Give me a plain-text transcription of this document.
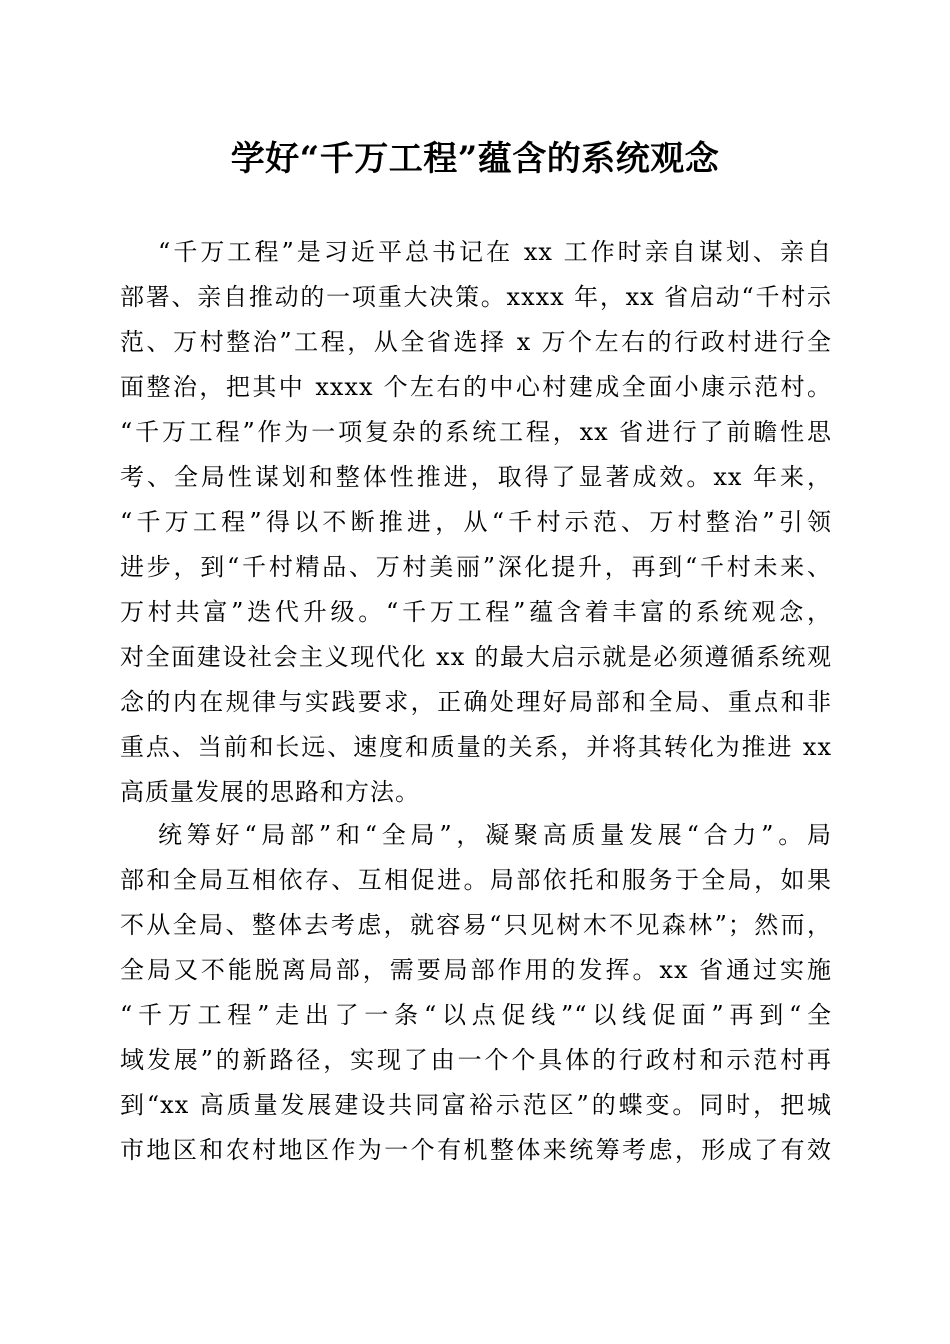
学好“千万工程”蕴含的系统观念
“千万工程”是习近平总书记在 xx 工作时亲自谋划、亲自
部署、亲自推动的一项重大决策。xxxx 年，xx 省启动“千村示
范、万村整治”工程，从全省选择 x 万个左右的行政村进行全
面整治，把其中 xxxx 个左右的中心村建成全面小康示范村。
“千万工程”作为一项复杂的系统工程，xx 省进行了前瞻性思
考、全局性谋划和整体性推进，取得了显著成效。xx 年来，
“千万工程”得以不断推进，从“千村示范、万村整治”引领
进步，到“千村精品、万村美丽”深化提升，再到“千村未来、
万村共富”迭代升级。“千万工程”蕴含着丰富的系统观念，
对全面建设社会主义现代化 xx 的最大启示就是必须遵循系统观
念的内在规律与实践要求，正确处理好局部和全局、重点和非
重点、当前和长远、速度和质量的关系，并将其转化为推进 xx
高质量发展的思路和方法。
统筹好“局部”和“全局”，凝聚高质量发展“合力”。局
部和全局互相依存、互相促进。局部依托和服务于全局，如果
不从全局、整体去考虑，就容易“只见树木不见森林”；然而，
全局又不能脱离局部，需要局部作用的发挥。xx 省通过实施
“千万工程”走出了一条“以点促线”“以线促面”再到“全
域发展”的新路径，实现了由一个个具体的行政村和示范村再
到“xx 高质量发展建设共同富裕示范区”的蝶变。同时，把城
市地区和农村地区作为一个有机整体来统筹考虑，形成了有效
